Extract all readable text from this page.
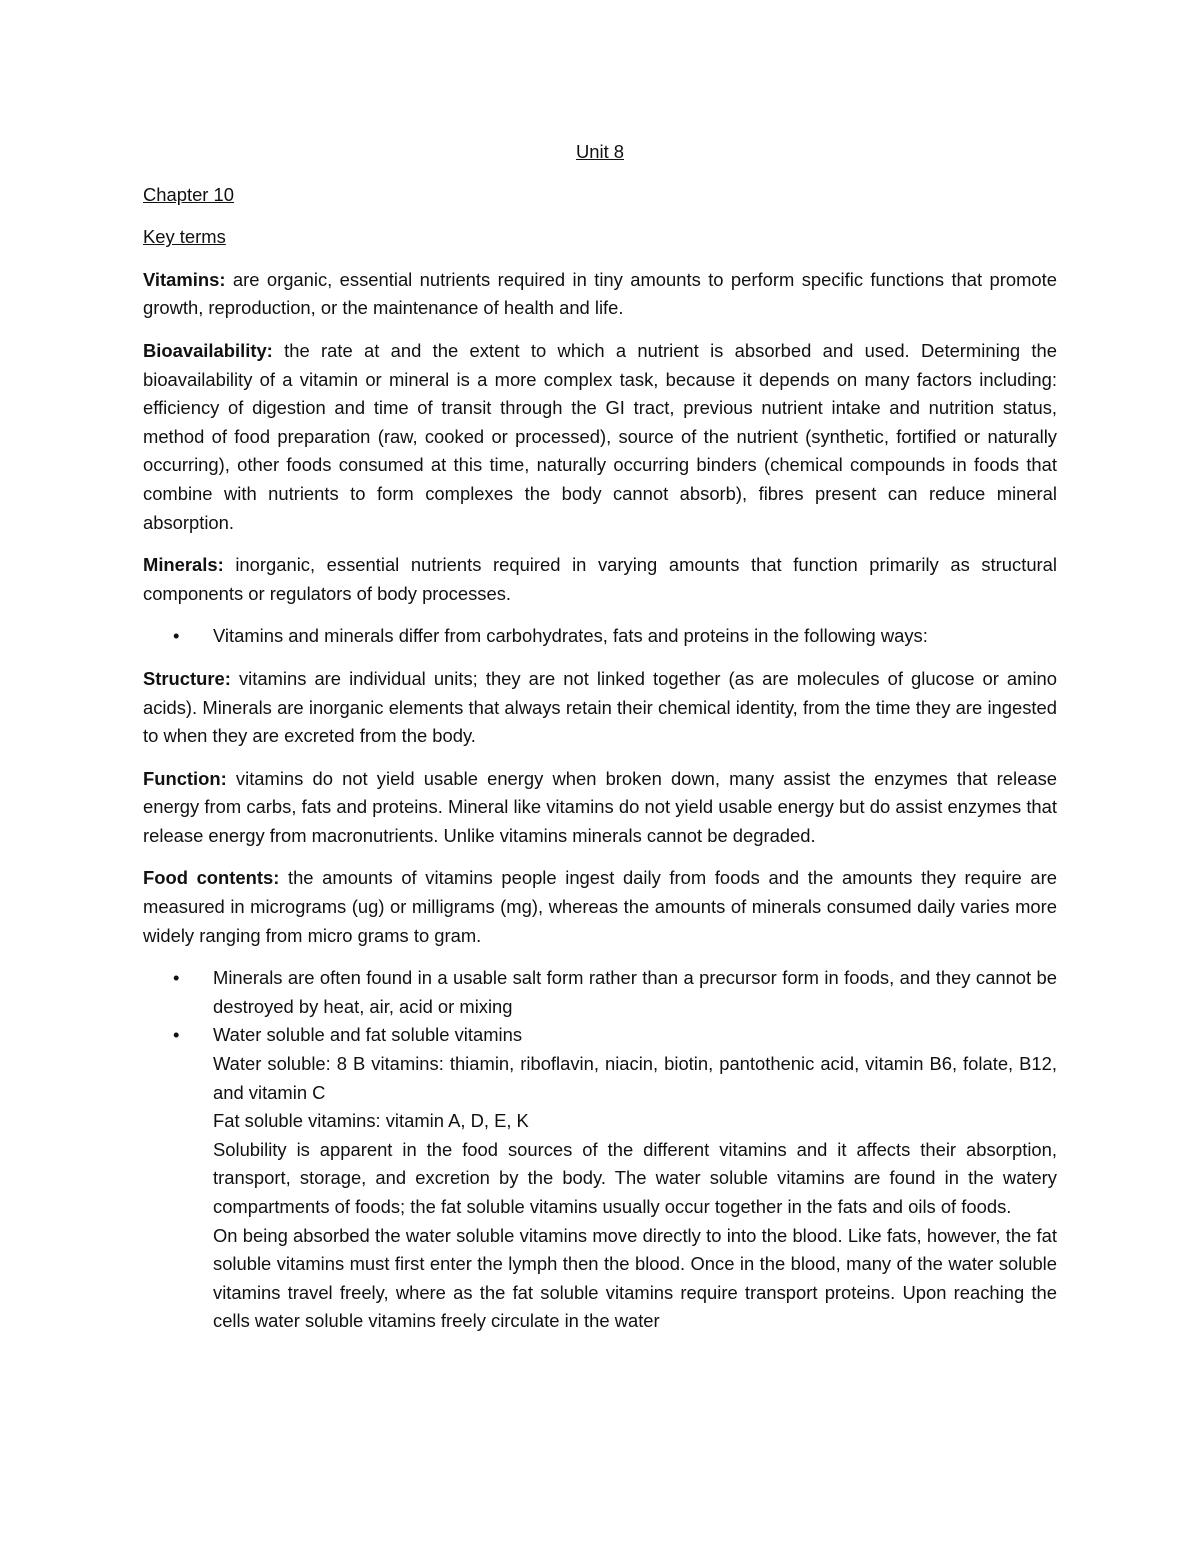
Unit 8
Chapter 10
Key terms

Vitamins: are organic, essential nutrients required in tiny amounts to perform specific functions that promote growth, reproduction, or the maintenance of health and life.

Bioavailability: the rate at and the extent to which a nutrient is absorbed and used. Determining the bioavailability of a vitamin or mineral is a more complex task, because it depends on many factors including: efficiency of digestion and time of transit through the GI tract, previous nutrient intake and nutrition status, method of food preparation (raw, cooked or processed), source of the nutrient (synthetic, fortified or naturally occurring), other foods consumed at this time, naturally occurring binders (chemical compounds in foods that combine with nutrients to form complexes the body cannot absorb), fibres present can reduce mineral absorption.

Minerals: inorganic, essential nutrients required in varying amounts that function primarily as structural components or regulators of body processes.

• Vitamins and minerals differ from carbohydrates, fats and proteins in the following ways:

Structure: vitamins are individual units; they are not linked together (as are molecules of glucose or amino acids). Minerals are inorganic elements that always retain their chemical identity, from the time they are ingested to when they are excreted from the body.

Function: vitamins do not yield usable energy when broken down, many assist the enzymes that release energy from carbs, fats and proteins. Mineral like vitamins do not yield usable energy but do assist enzymes that release energy from macronutrients. Unlike vitamins minerals cannot be degraded.

Food contents: the amounts of vitamins people ingest daily from foods and the amounts they require are measured in micrograms (ug) or milligrams (mg), whereas the amounts of minerals consumed daily varies more widely ranging from micro grams to gram.

• Minerals are often found in a usable salt form rather than a precursor form in foods, and they cannot be destroyed by heat, air, acid or mixing
• Water soluble and fat soluble vitamins
Water soluble: 8 B vitamins: thiamin, riboflavin, niacin, biotin, pantothenic acid, vitamin B6, folate, B12, and vitamin C
Fat soluble vitamins: vitamin A, D, E, K
Solubility is apparent in the food sources of the different vitamins and it affects their absorption, transport, storage, and excretion by the body. The water soluble vitamins are found in the watery compartments of foods; the fat soluble vitamins usually occur together in the fats and oils of foods.
On being absorbed the water soluble vitamins move directly to into the blood. Like fats, however, the fat soluble vitamins must first enter the lymph then the blood. Once in the blood, many of the water soluble vitamins travel freely, where as the fat soluble vitamins require transport proteins. Upon reaching the cells water soluble vitamins freely circulate in the water
